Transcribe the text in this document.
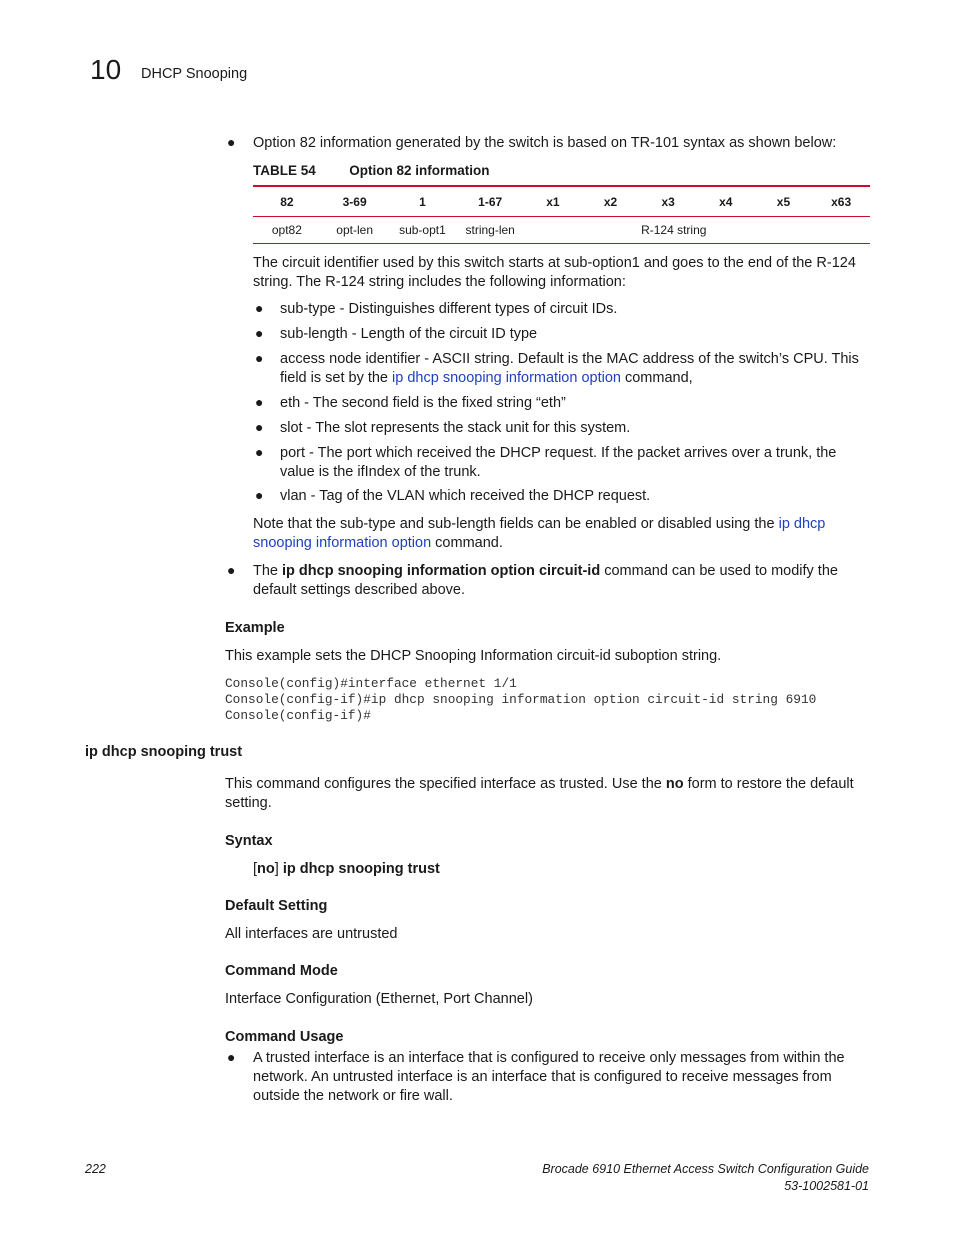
10 DHCP Snooping
● Option 82 information generated by the switch is based on TR-101 syntax as shown below:

TABLE 54 Option 82 information
82	3-69	1	1-67	x1	x2	x3	x4	x5	x63
opt82	opt-len	sub-opt1	string-len	R-124 string					

The circuit identifier used by this switch starts at sub-option1 and goes to the end of the R-124 string. The R-124 string includes the following information:

● sub-type - Distinguishes different types of circuit IDs.

● sub-length - Length of the circuit ID type

● access node identifier - ASCII string. Default is the MAC address of the switch’s CPU. This field is set by the ip dhcp snooping information option command,

● eth - The second field is the fixed string “eth”

● slot - The slot represents the stack unit for this system.

● port - The port which received the DHCP request. If the packet arrives over a trunk, the value is the ifIndex of the trunk.

● vlan - Tag of the VLAN which received the DHCP request.

Note that the sub-type and sub-length fields can be enabled or disabled using the ip dhcp snooping information option command.

● The ip dhcp snooping information option circuit-id command can be used to modify the default settings described above.

Example

This example sets the DHCP Snooping Information circuit-id suboption string.

Console(config)#interface ethernet 1/1
Console(config-if)#ip dhcp snooping information option circuit-id string 6910
Console(config-if)#
ip dhcp snooping trust

This command configures the specified interface as trusted. Use the no form to restore the default setting.

Syntax

[no] ip dhcp snooping trust

Default Setting

All interfaces are untrusted

Command Mode

Interface Configuration (Ethernet, Port Channel)

Command Usage
● A trusted interface is an interface that is configured to receive only messages from within the network. An untrusted interface is an interface that is configured to receive messages from outside the network or fire wall.

222	Brocade 6910 Ethernet Access Switch Configuration Guide
53-1002581-01
